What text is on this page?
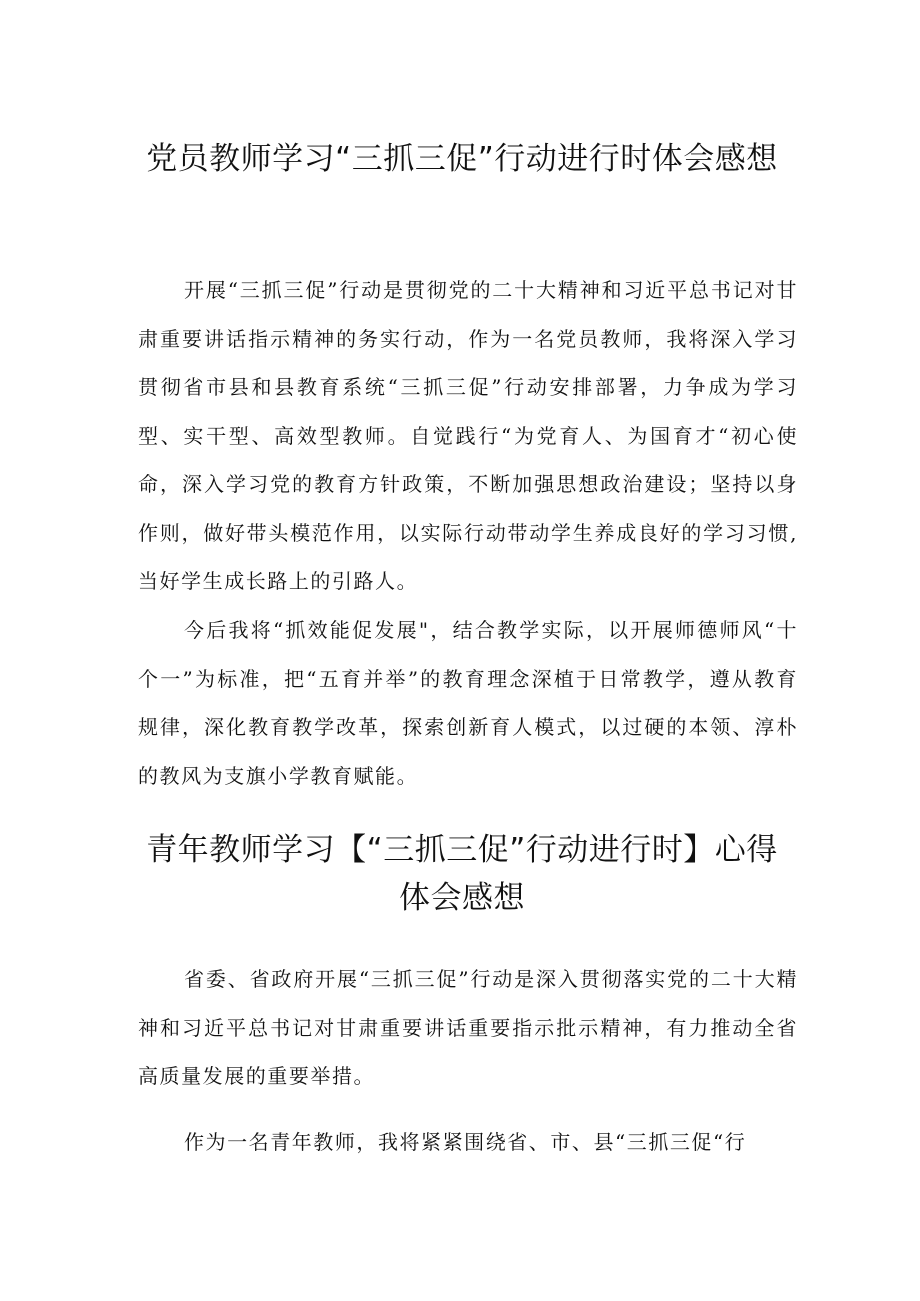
党员教师学习“三抓三促”行动进行时体会感想

开展“三抓三促”行动是贯彻党的二十大精神和习近平总书记对甘肃重要讲话指示精神的务实行动，作为一名党员教师，我将深入学习贯彻省市县和县教育系统“三抓三促”行动安排部署，力争成为学习型、实干型、高效型教师。自觉践行“为党育人、为国育才“初心使命，深入学习党的教育方针政策，不断加强思想政治建设；坚持以身作则，做好带头模范作用，以实际行动带动学生养成良好的学习习惯,当好学生成长路上的引路人。

今后我将“抓效能促发展"，结合教学实际，以开展师德师风“十个一”为标准，把“五育并举”的教育理念深植于日常教学，遵从教育规律，深化教育教学改革，探索创新育人模式，以过硬的本领、淳朴的教风为支旗小学教育赋能。

青年教师学习【“三抓三促”行动进行时】心得体会感想

省委、省政府开展“三抓三促”行动是深入贯彻落实党的二十大精神和习近平总书记对甘肃重要讲话重要指示批示精神，有力推动全省高质量发展的重要举措。

作为一名青年教师，我将紧紧围绕省、市、县“三抓三促“行
